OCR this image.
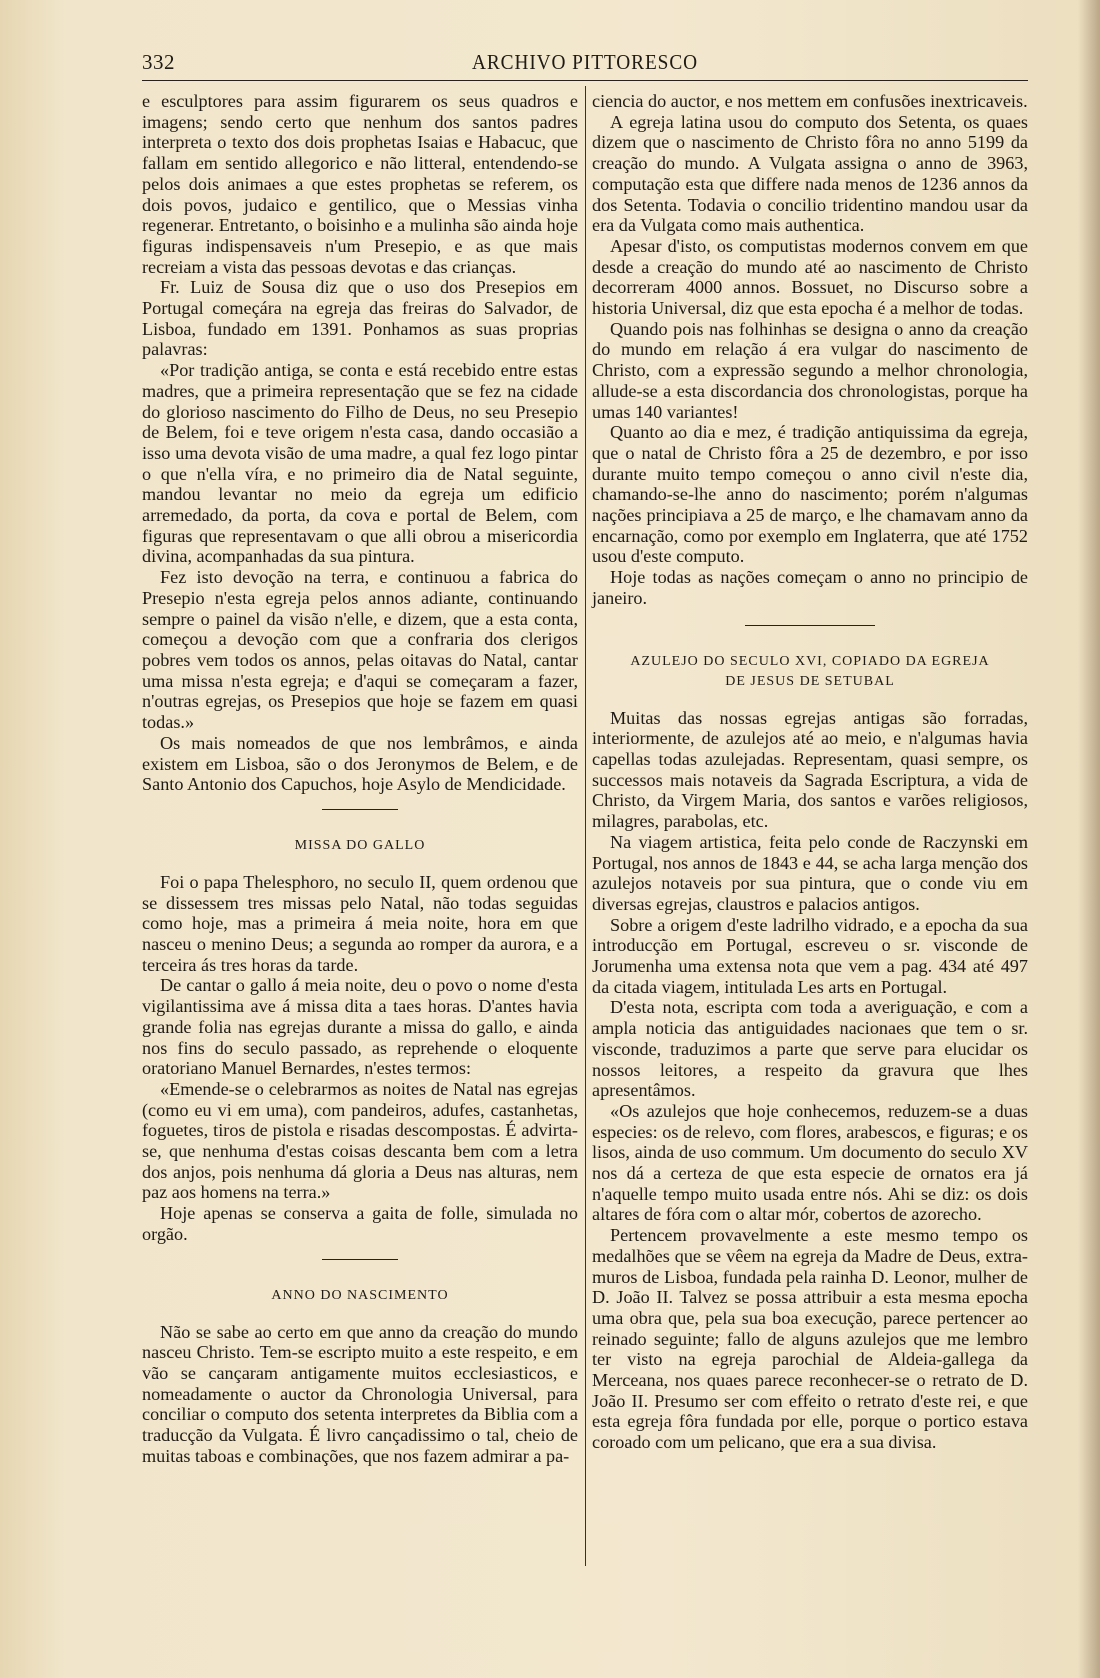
332	ARCHIVO PITTORESCO

e esculptores para assim figurarem os seus quadros e imagens; sendo certo que nenhum dos santos padres interpreta o texto dos dois prophetas Isaias e Habacuc, que fallam em sentido allegorico e não litteral, entendendo-se pelos dois animaes a que estes prophetas se referem, os dois povos, judaico e gentilico, que o Messias vinha regenerar. Entretanto, o boisinho e a mulinha são ainda hoje figuras indispensaveis n'um Presepio, e as que mais recreiam a vista das pessoas devotas e das crianças.

Fr. Luiz de Sousa diz que o uso dos Presepios em Portugal começára na egreja das freiras do Salvador, de Lisboa, fundado em 1391. Ponhamos as suas proprias palavras:

«Por tradição antiga, se conta e está recebido entre estas madres, que a primeira representação que se fez na cidade do glorioso nascimento do Filho de Deus, no seu Presepio de Belem, foi e teve origem n'esta casa, dando occasião a isso uma devota visão de uma madre, a qual fez logo pintar o que n'ella víra, e no primeiro dia de Natal seguinte, mandou levantar no meio da egreja um edificio arremedado, da porta, da cova e portal de Belem, com figuras que representavam o que alli obrou a misericordia divina, acompanhadas da sua pintura.

Fez isto devoção na terra, e continuou a fabrica do Presepio n'esta egreja pelos annos adiante, continuando sempre o painel da visão n'elle, e dizem, que a esta conta, começou a devoção com que a confraria dos clerigos pobres vem todos os annos, pelas oitavas do Natal, cantar uma missa n'esta egreja; e d'aqui se começaram a fazer, n'outras egrejas, os Presepios que hoje se fazem em quasi todas.»

Os mais nomeados de que nos lembrâmos, e ainda existem em Lisboa, são o dos Jeronymos de Belem, e de Santo Antonio dos Capuchos, hoje Asylo de Mendicidade.

MISSA DO GALLO

Foi o papa Thelesphoro, no seculo II, quem ordenou que se dissessem tres missas pelo Natal, não todas seguidas como hoje, mas a primeira á meia noite, hora em que nasceu o menino Deus; a segunda ao romper da aurora, e a terceira ás tres horas da tarde.

De cantar o gallo á meia noite, deu o povo o nome d'esta vigilantissima ave á missa dita a taes horas. D'antes havia grande folia nas egrejas durante a missa do gallo, e ainda nos fins do seculo passado, as reprehende o eloquente oratoriano Manuel Bernardes, n'estes termos:

«Emende-se o celebrarmos as noites de Natal nas egrejas (como eu vi em uma), com pandeiros, adufes, castanhetas, foguetes, tiros de pistola e risadas descompostas. É advirta-se, que nenhuma d'estas coisas descanta bem com a letra dos anjos, pois nenhuma dá gloria a Deus nas alturas, nem paz aos homens na terra.»

Hoje apenas se conserva a gaita de folle, simulada no orgão.

ANNO DO NASCIMENTO

Não se sabe ao certo em que anno da creação do mundo nasceu Christo. Tem-se escripto muito a este respeito, e em vão se cançaram antigamente muitos ecclesiasticos, e nomeadamente o auctor da Chronologia Universal, para conciliar o computo dos setenta interpretes da Biblia com a traducção da Vulgata. É livro cançadissimo o tal, cheio de muitas taboas e combinações, que nos fazem admirar a pa-

ciencia do auctor, e nos mettem em confusões inextricaveis.

A egreja latina usou do computo dos Setenta, os quaes dizem que o nascimento de Christo fôra no anno 5199 da creação do mundo. A Vulgata assigna o anno de 3963, computação esta que differe nada menos de 1236 annos da dos Setenta. Todavia o concilio tridentino mandou usar da era da Vulgata como mais authentica.

Apesar d'isto, os computistas modernos convem em que desde a creação do mundo até ao nascimento de Christo decorreram 4000 annos. Bossuet, no Discurso sobre a historia Universal, diz que esta epocha é a melhor de todas.

Quando pois nas folhinhas se designa o anno da creação do mundo em relação á era vulgar do nascimento de Christo, com a expressão segundo a melhor chronologia, allude-se a esta discordancia dos chronologistas, porque ha umas 140 variantes!

Quanto ao dia e mez, é tradição antiquissima da egreja, que o natal de Christo fôra a 25 de dezembro, e por isso durante muito tempo começou o anno civil n'este dia, chamando-se-lhe anno do nascimento; porém n'algumas nações principiava a 25 de março, e lhe chamavam anno da encarnação, como por exemplo em Inglaterra, que até 1752 usou d'este computo.

Hoje todas as nações começam o anno no principio de janeiro.

AZULEJO DO SECULO XVI, COPIADO DA EGREJA
DE JESUS DE SETUBAL

Muitas das nossas egrejas antigas são forradas, interiormente, de azulejos até ao meio, e n'algumas havia capellas todas azulejadas. Representam, quasi sempre, os successos mais notaveis da Sagrada Escriptura, a vida de Christo, da Virgem Maria, dos santos e varões religiosos, milagres, parabolas, etc.

Na viagem artistica, feita pelo conde de Raczynski em Portugal, nos annos de 1843 e 44, se acha larga menção dos azulejos notaveis por sua pintura, que o conde viu em diversas egrejas, claustros e palacios antigos.

Sobre a origem d'este ladrilho vidrado, e a epocha da sua introducção em Portugal, escreveu o sr. visconde de Jorumenha uma extensa nota que vem a pag. 434 até 497 da citada viagem, intitulada Les arts en Portugal.

D'esta nota, escripta com toda a averiguação, e com a ampla noticia das antiguidades nacionaes que tem o sr. visconde, traduzimos a parte que serve para elucidar os nossos leitores, a respeito da gravura que lhes apresentâmos.

«Os azulejos que hoje conhecemos, reduzem-se a duas especies: os de relevo, com flores, arabescos, e figuras; e os lisos, ainda de uso commum. Um documento do seculo XV nos dá a certeza de que esta especie de ornatos era já n'aquelle tempo muito usada entre nós. Ahi se diz: os dois altares de fóra com o altar mór, cobertos de azorecho.

Pertencem provavelmente a este mesmo tempo os medalhões que se vêem na egreja da Madre de Deus, extra-muros de Lisboa, fundada pela rainha D. Leonor, mulher de D. João II. Talvez se possa attribuir a esta mesma epocha uma obra que, pela sua boa execução, parece pertencer ao reinado seguinte; fallo de alguns azulejos que me lembro ter visto na egreja parochial de Aldeia-gallega da Merceana, nos quaes parece reconhecer-se o retrato de D. João II. Presumo ser com effeito o retrato d'este rei, e que esta egreja fôra fundada por elle, porque o portico estava coroado com um pelicano, que era a sua divisa.
